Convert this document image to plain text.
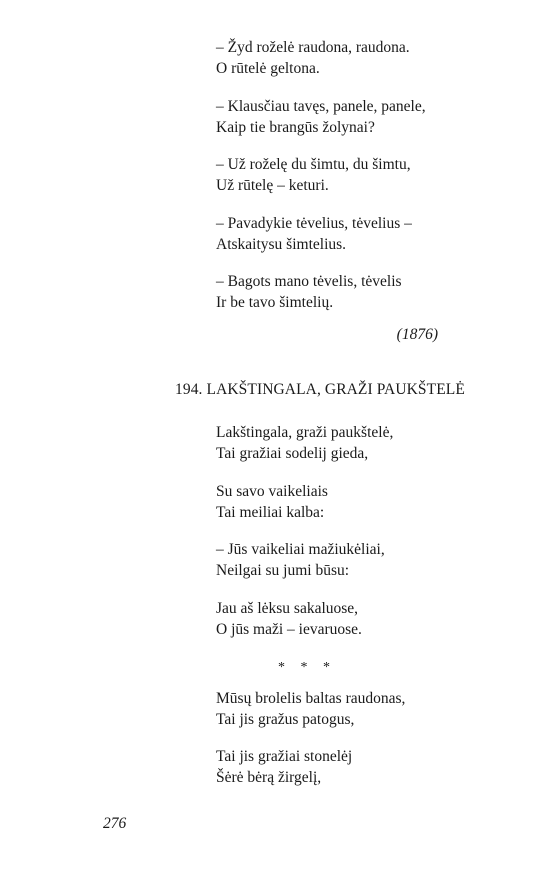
– Žyd roželė raudona, raudona.
O rūtelė geltona.
– Klausčiau tavęs, panele, panele,
Kaip tie brangūs žolynai?
– Už roželę du šimtu, du šimtu,
Už rūtelę – keturi.
– Pavadykie tėvelius, tėvelius –
Atskaitysu šimtelius.
– Bagots mano tėvelis, tėvelis
Ir be tavo šimtelių.
(1876)
194. LAKŠTINGALA, GRAŽI PAUKŠTELĖ
Lakštingala, graži paukštelė,
Tai gražiai sodelij gieda,
Su savo vaikeliais
Tai meiliai kalba:
– Jūs vaikeliai mažiukėliai,
Neilgai su jumi būsu:
Jau aš lėksu sakaluose,
O jūs maži – ievaruose.
* * *
Mūsų brolelis baltas raudonas,
Tai jis gražus patogus,
Tai jis gražiai stonelėj
Šėrė bėrą žirgelį,
276
